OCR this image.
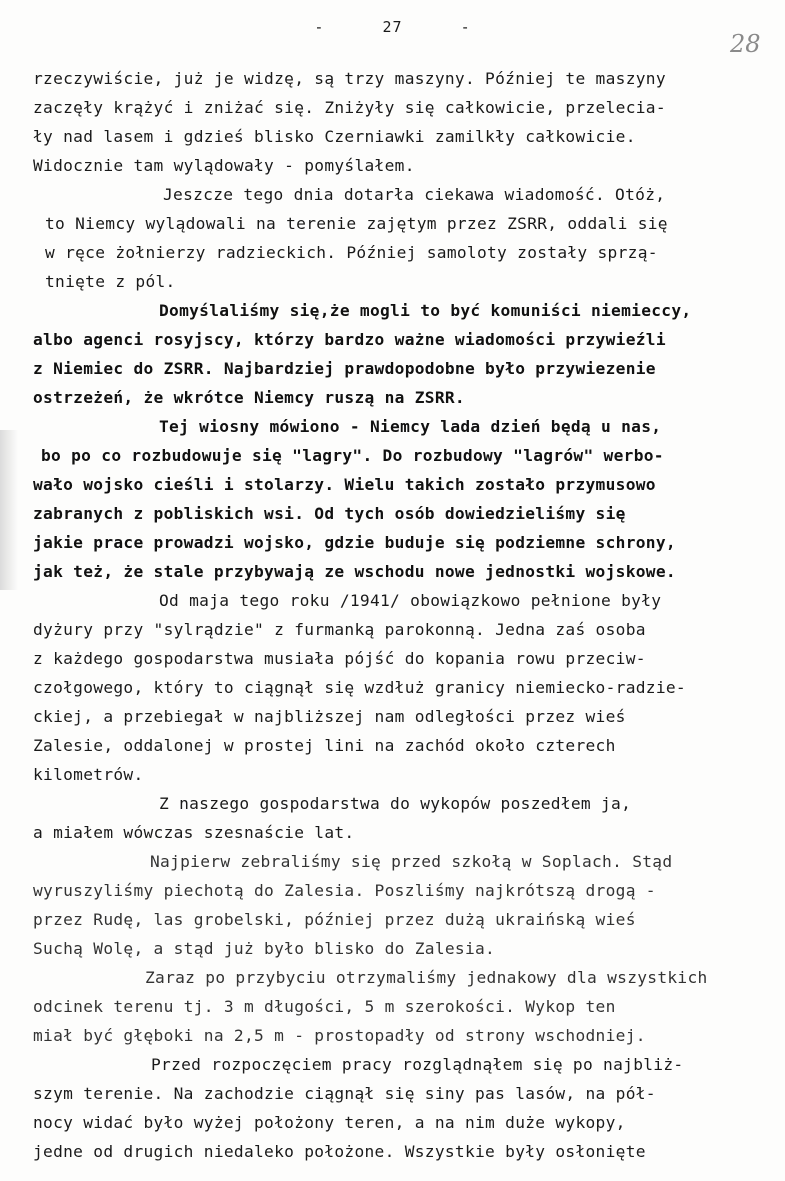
-	27	-
28
rzeczywiście, już je widzę, są trzy maszyny. Później te maszyny
zaczęły krążyć i zniżać się. Zniżyły się całkowicie, przelecia-
ły nad lasem i gdzieś blisko Czerniawki zamilkły całkowicie.
Widocznie tam wylądowały - pomyślałem.
Jeszcze tego dnia dotarła ciekawa wiadomość. Otóż,
to Niemcy wylądowali na terenie zajętym przez ZSRR, oddali się
w ręce żołnierzy radzieckich. Później samoloty zostały sprzą-
tnięte z pól.
Domyślaliśmy się,że mogli to być komuniści niemieccy,
albo agenci rosyjscy, którzy bardzo ważne wiadomości przywieźli
z Niemiec do ZSRR. Najbardziej prawdopodobne było przywiezenie
ostrzeżeń, że wkrótce Niemcy ruszą na ZSRR.
Tej wiosny mówiono - Niemcy lada dzień będą u nas,
bo po co rozbudowuje się "lagry". Do rozbudowy "lagrów" werbo-
wało wojsko cieśli i stolarzy. Wielu takich zostało przymusowo
zabranych z pobliskich wsi. Od tych osób dowiedzieliśmy się
jakie prace prowadzi wojsko, gdzie buduje się podziemne schrony,
jak też, że stale przybywają ze wschodu nowe jednostki wojskowe.
Od maja tego roku /1941/ obowiązkowo pełnione były
dyżury przy "sylrądzie" z furmanką parokonną. Jedna zaś osoba
z każdego gospodarstwa musiała pójść do kopania rowu przeciw-
czołgowego, który to ciągnął się wzdłuż granicy niemiecko-radzie-
ckiej, a przebiegał w najbliższej nam odległości przez wieś
Zalesie, oddalonej w prostej lini na zachód około czterech
kilometrów.
Z naszego gospodarstwa do wykopów poszedłem ja,
a miałem wówczas szesnaście lat.
Najpierw zebraliśmy się przed szkołą w Soplach. Stąd
wyruszyliśmy piechotą do Zalesia. Poszliśmy najkrótszą drogą -
przez Rudę, las grobelski, później przez dużą ukraińską wieś
Suchą Wolę, a stąd już było blisko do Zalesia.
Zaraz po przybyciu otrzymaliśmy jednakowy dla wszystkich
odcinek terenu tj. 3 m długości, 5 m szerokości. Wykop ten
miał być głęboki na 2,5 m - prostopadły od strony wschodniej.
Przed rozpoczęciem pracy rozglądnąłem się po najbliż-
szym terenie. Na zachodzie ciągnął się siny pas lasów, na pół-
nocy widać było wyżej położony teren, a na nim duże wykopy,
jedne od drugich niedaleko położone. Wszystkie były osłonięte
